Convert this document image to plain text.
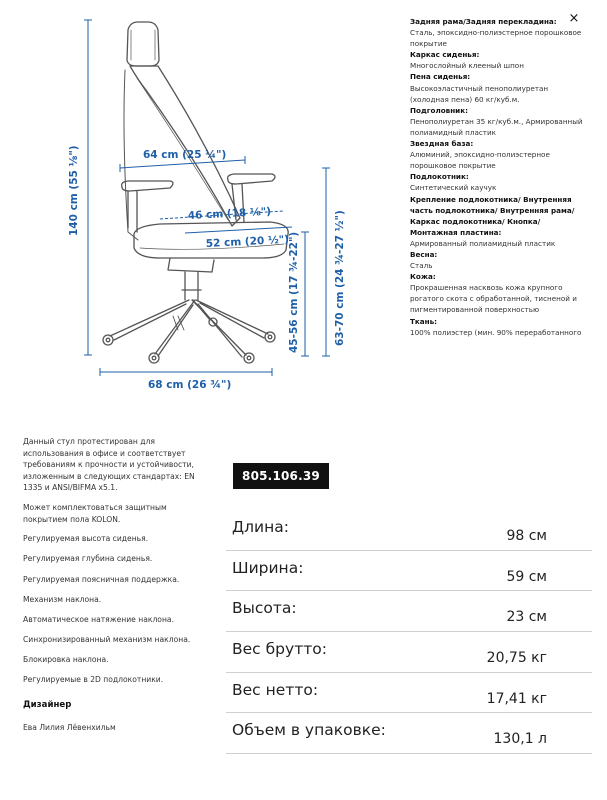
140 cm (55 ⅛")	64 cm (25 ¼")
46 cm (18 ⅛")
52 cm (20 ½")
45-56 cm (17 ¾-22")	63-70 cm (24 ¾-27 ½")
68 cm (26 ¾")
Задняя рама/Задняя перекладина:
Сталь, эпоксидно-полиэстерное порошковое покрытие
Каркас сиденья:
Многослойный клееный шпон
Пена сиденья:
Высокоэластичный пенополиуретан (холодная пена) 60 кг/куб.м.
Подголовник:
Пенополиуретан 35 кг/куб.м., Армированный полиамидный пластик
Звездная база:
Алюминий, эпоксидно-полиэстерное порошковое покрытие
Подлокотник:
Синтетический каучук
Крепление подлокотника/ Внутренняя часть подлокотника/ Внутренняя рама/ Каркас подлокотника/ Кнопка/ Монтажная пластина:
Армированный полиамидный пластик
Весна:
Сталь
Кожа:
Прокрашенная насквозь кожа крупного рогатого скота с обработанной, тисненой и пигментированной поверхностью
Ткань:
100% полиэстер (мин. 90% переработанного
×

Данный стул протестирован для использования в офисе и соответствует требованиям к прочности и устойчивости, изложенным в следующих стандартах: EN 1335 и ANSI/BIFMA x5.1.

Может комплектоваться защитным покрытием пола KOLON.

Регулируемая высота сиденья.
Регулируемая глубина сиденья.
Регулируемая поясничная поддержка.
Механизм наклона.
Автоматическое натяжение наклона.
Синхронизированный механизм наклона.
Блокировка наклона.
Регулируемые в 2D подлокотники.
Дизайнер
Ева Лилия Лёвенхильм
805.106.39
Длина:	98 см
Ширина:	59 см
Высота:	23 см
Вес брутто:	20,75 кг
Вес нетто:	17,41 кг
Объем в упаковке:	130,1 л
